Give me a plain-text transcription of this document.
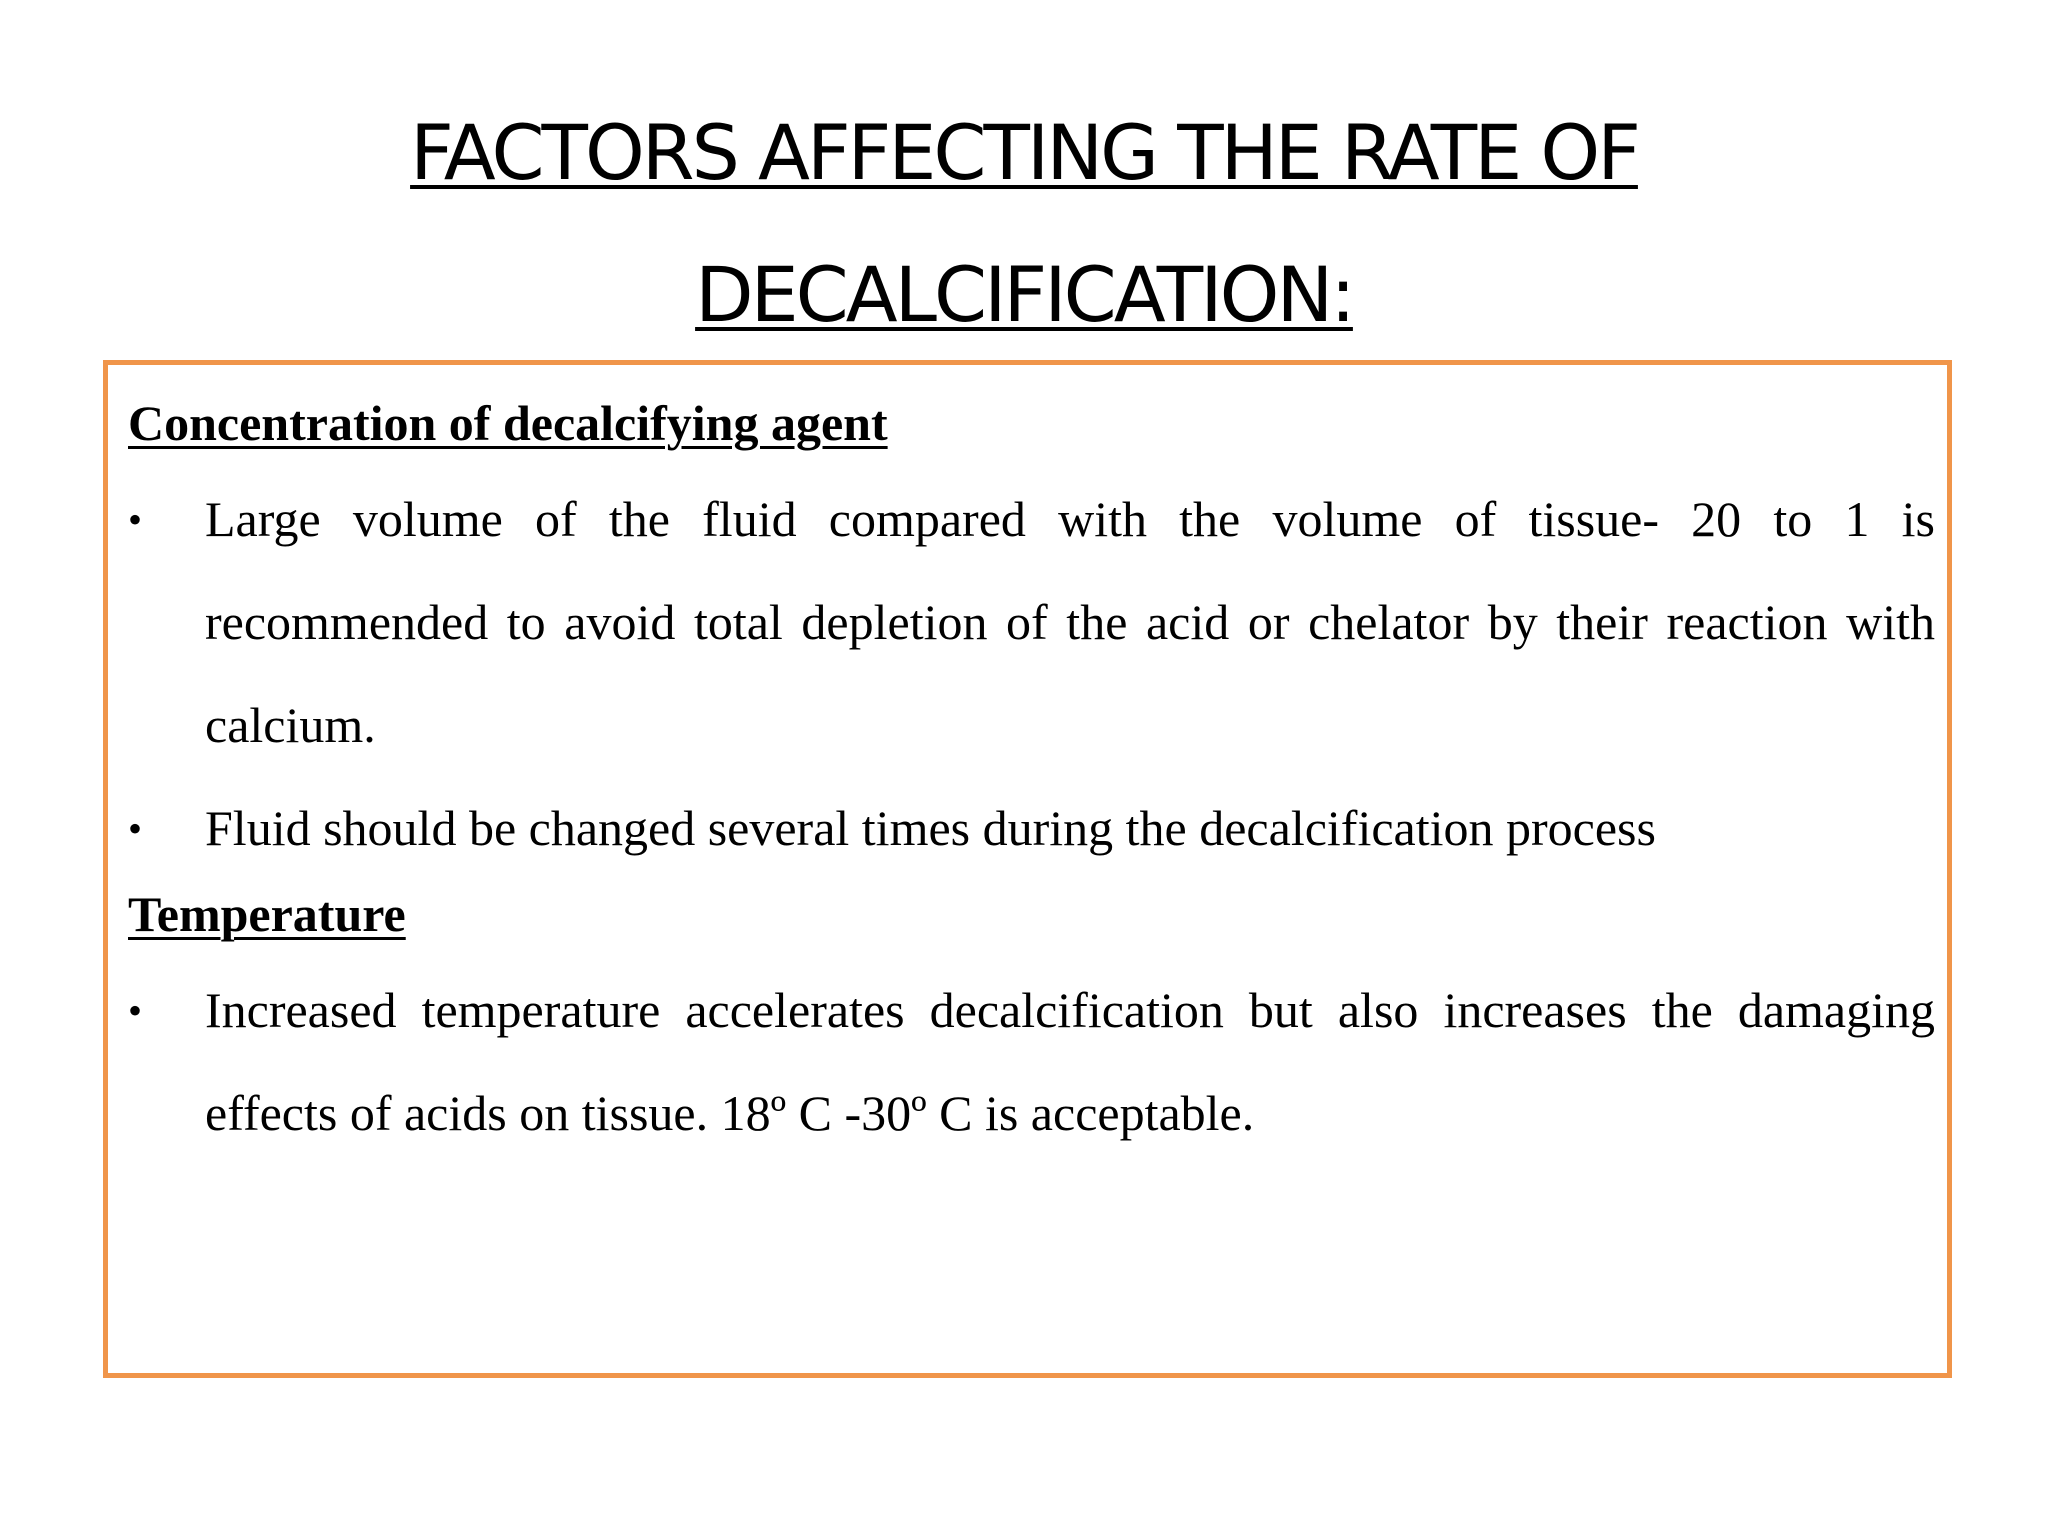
FACTORS AFFECTING THE RATE OF
DECALCIFICATION:
Concentration of decalcifying agent
• Large volume of the fluid compared with the volume of tissue- 20 to 1 is recommended to avoid total depletion of the acid or chelator by their reaction with calcium.
• Fluid should be changed several times during the decalcification process
Temperature
• Increased temperature accelerates decalcification but also increases the damaging effects of acids on tissue. 18º C -30º C is acceptable.
